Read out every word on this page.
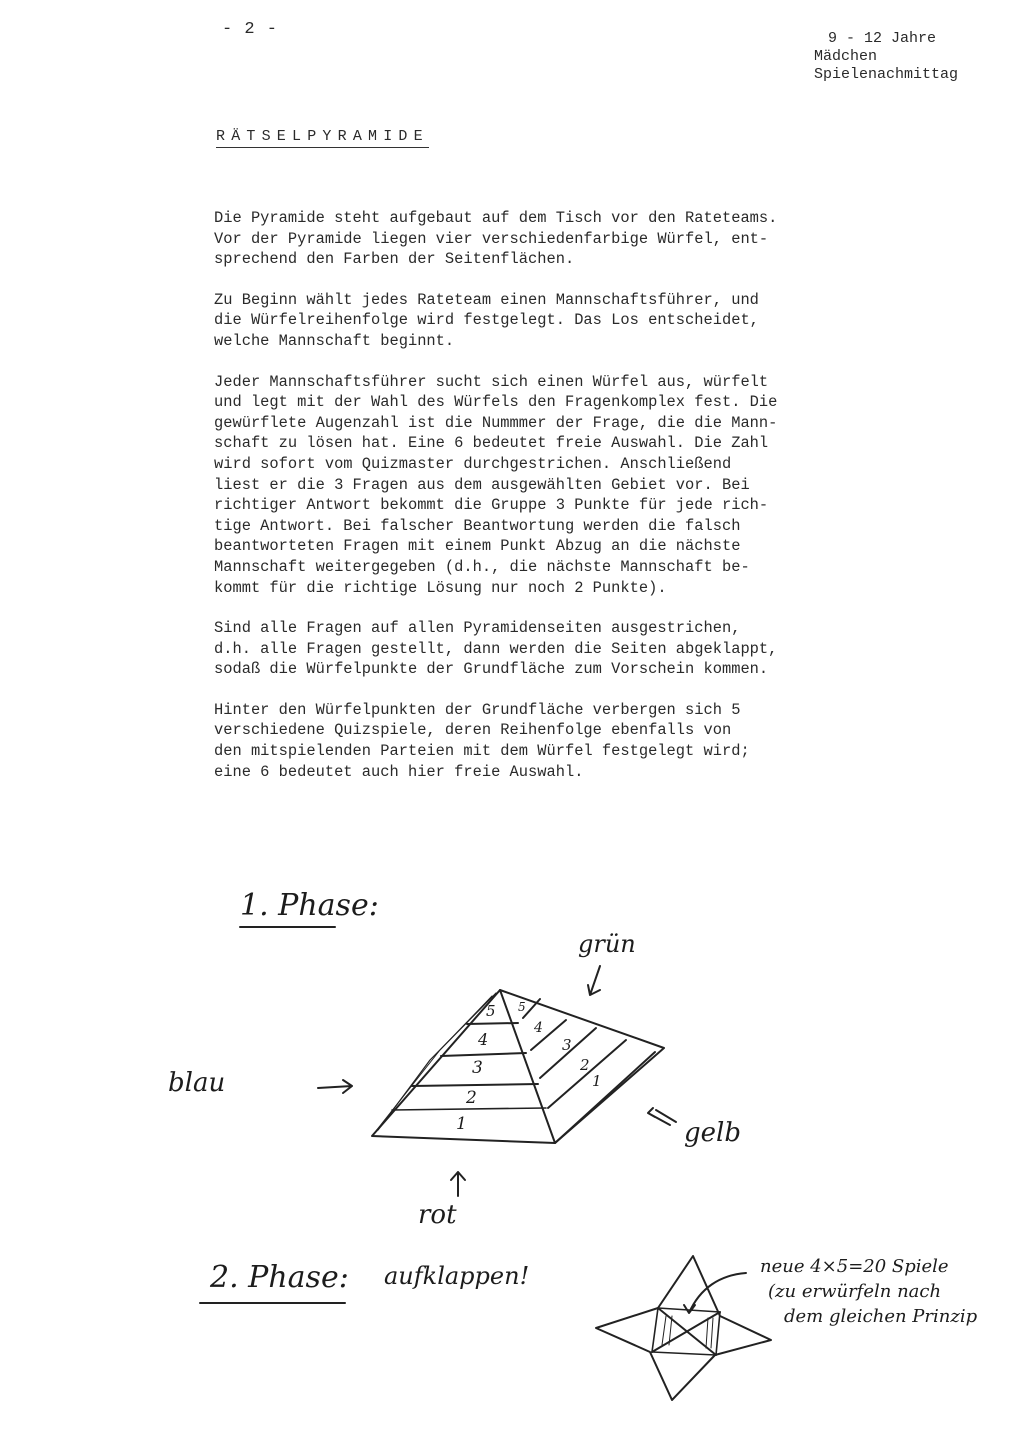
- 2 -	9 - 12 Jahre
Mädchen
Spielenachmittag
RÄTSELPYRAMIDE

Die Pyramide steht aufgebaut auf dem Tisch vor den Rateteams.
Vor der Pyramide liegen vier verschiedenfarbige Würfel, ent-
sprechend den Farben der Seitenflächen.

Zu Beginn wählt jedes Rateteam einen Mannschaftsführer, und
die Würfelreihenfolge wird festgelegt. Das Los entscheidet,
welche Mannschaft beginnt.

Jeder Mannschaftsführer sucht sich einen Würfel aus, würfelt
und legt mit der Wahl des Würfels den Fragenkomplex fest. Die
gewürflete Augenzahl ist die Nummmer der Frage, die die Mann-
schaft zu lösen hat. Eine 6 bedeutet freie Auswahl. Die Zahl
wird sofort vom Quizmaster durchgestrichen. Anschließend
liest er die 3 Fragen aus dem ausgewählten Gebiet vor. Bei
richtiger Antwort bekommt die Gruppe 3 Punkte für jede rich-
tige Antwort. Bei falscher Beantwortung werden die falsch
beantworteten Fragen mit einem Punkt Abzug an die nächste
Mannschaft weitergegeben (d.h., die nächste Mannschaft be-
kommt für die richtige Lösung nur noch 2 Punkte).

Sind alle Fragen auf allen Pyramidenseiten ausgestrichen,
d.h. alle Fragen gestellt, dann werden die Seiten abgeklappt,
sodaß die Würfelpunkte der Grundfläche zum Vorschein kommen.

Hinter den Würfelpunkten der Grundfläche verbergen sich 5
verschiedene Quizspiele, deren Reihenfolge ebenfalls von
den mitspielenden Parteien mit dem Würfel festgelegt wird;
eine 6 bedeutet auch hier freie Auswahl.

1. Phase:
grün
blau
gelb
rot
1
2
3
4
5
1
2
3
4
5
2. Phase: aufklappen!	neue 4×5=20 Spiele
(zu erwürfeln nach
dem gleichen Prinzip
